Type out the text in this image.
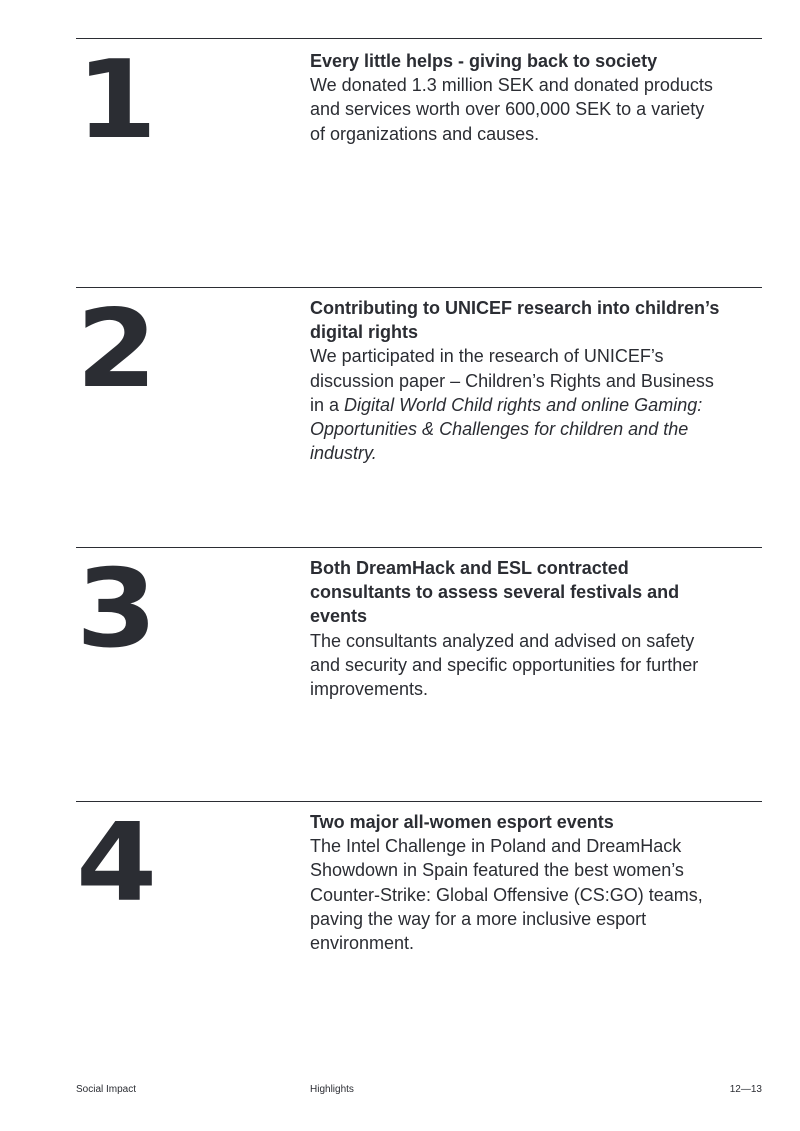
1	Every little helps - giving back to society
We donated 1.3 million SEK and donated products and services worth over 600,000 SEK to a variety of organizations and causes.
2	Contributing to UNICEF research into children’s digital rights
We participated in the research of UNICEF’s discussion paper – Children’s Rights and Business in a Digital World Child rights and online Gaming: Opportunities & Challenges for children and the industry.
3	Both DreamHack and ESL contracted consultants to assess several festivals and events
The consultants analyzed and advised on safety and security and specific opportunities for further improvements.
4	Two major all-women esport events
The Intel Challenge in Poland and DreamHack Showdown in Spain featured the best women’s Counter-Strike: Global Offensive (CS:GO) teams, paving the way for a more inclusive esport environment.
Social Impact	Highlights	12—13
